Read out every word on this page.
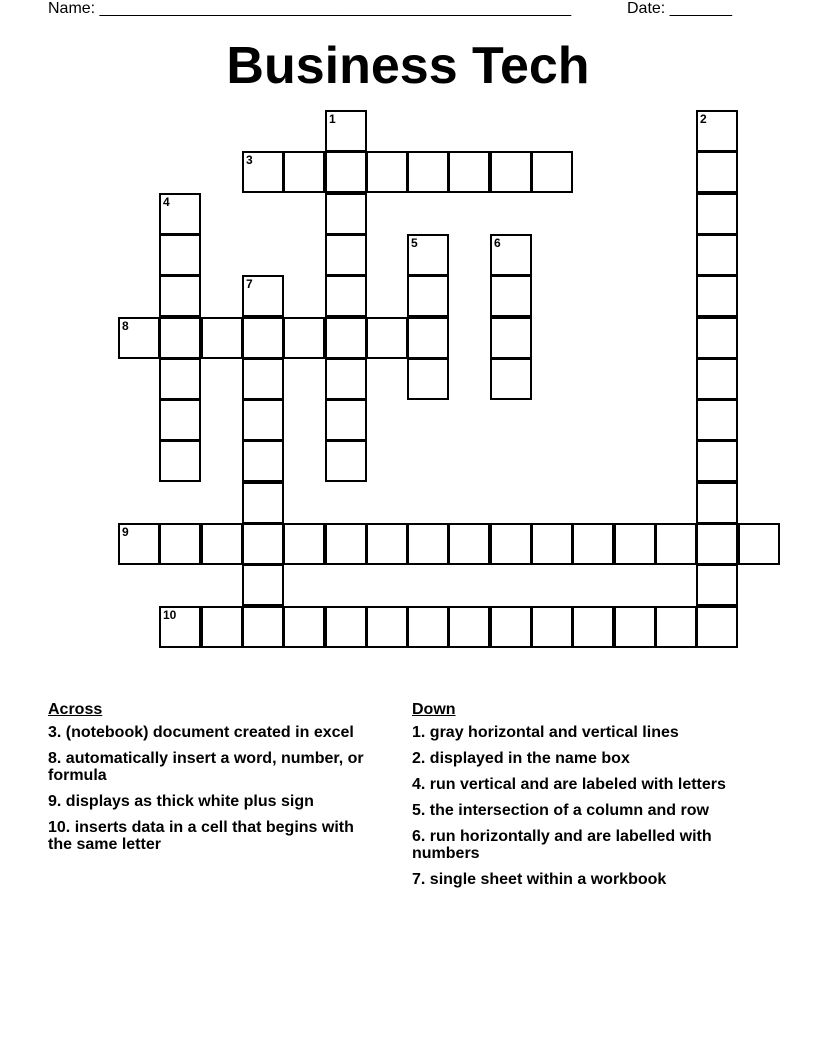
Name: _____________________________________________________	Date: _______
Business Tech
1	2
3
4
5	6
7
8
9
10
Across
3. (notebook) document created in excel
8. automatically insert a word, number, or formula
9. displays as thick white plus sign
10. inserts data in a cell that begins with the same letter
Down
1. gray horizontal and vertical lines
2. displayed in the name box
4. run vertical and are labeled with letters
5. the intersection of a column and row
6. run horizontally and are labelled with numbers
7. single sheet within a workbook
